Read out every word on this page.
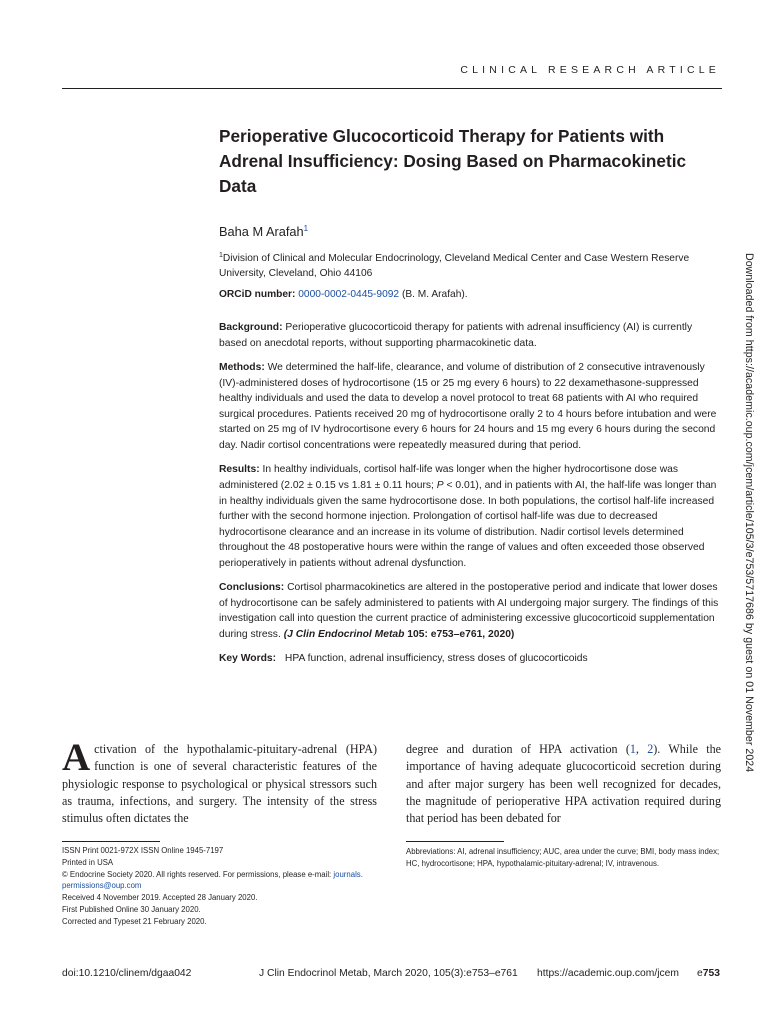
CLINICAL RESEARCH ARTICLE
Perioperative Glucocorticoid Therapy for Patients with Adrenal Insufficiency: Dosing Based on Pharmacokinetic Data
Baha M Arafah$^1$
$^1$Division of Clinical and Molecular Endocrinology, Cleveland Medical Center and Case Western Reserve University, Cleveland, Ohio 44106
ORCiD number: 0000-0002-0445-9092 (B. M. Arafah).

Background: Perioperative glucocorticoid therapy for patients with adrenal insufficiency (AI) is currently based on anecdotal reports, without supporting pharmacokinetic data.

Methods: We determined the half-life, clearance, and volume of distribution of 2 consecutive intravenously (IV)-administered doses of hydrocortisone (15 or 25 mg every 6 hours) to 22 dexamethasone-suppressed healthy individuals and used the data to develop a novel protocol to treat 68 patients with AI who required surgical procedures. Patients received 20 mg of hydrocortisone orally 2 to 4 hours before intubation and were started on 25 mg of IV hydrocortisone every 6 hours for 24 hours and 15 mg every 6 hours during the second day. Nadir cortisol concentrations were repeatedly measured during that period.

Results: In healthy individuals, cortisol half-life was longer when the higher hydrocortisone dose was administered (2.02 ± 0.15 vs 1.81 ± 0.11 hours; P < 0.01), and in patients with AI, the half-life was longer than in healthy individuals given the same hydrocortisone dose. In both populations, the cortisol half-life increased further with the second hormone injection. Prolongation of cortisol half-life was due to decreased hydrocortisone clearance and an increase in its volume of distribution. Nadir cortisol levels determined throughout the 48 postoperative hours were within the range of values and often exceeded those observed perioperatively in patients without adrenal dysfunction.

Conclusions: Cortisol pharmacokinetics are altered in the postoperative period and indicate that lower doses of hydrocortisone can be safely administered to patients with AI undergoing major surgery. The findings of this investigation call into question the current practice of administering excessive glucocorticoid supplementation during stress. (J Clin Endocrinol Metab 105: e753–e761, 2020)

Key Words: HPA function, adrenal insufficiency, stress doses of glucocorticoids	Downloaded from https://academic.oup.com/jcem/article/105/3/e753/5717686 by guest on 01 November 2024
Activation of the hypothalamic-pituitary-adrenal (HPA) function is one of several characteristic features of the physiologic response to psychological or physical stressors such as trauma, infections, and surgery. The intensity of the stress stimulus often dictates the
degree and duration of HPA activation (1, 2). While the importance of having adequate glucocorticoid secretion during and after major surgery has been well recognized for decades, the magnitude of perioperative HPA activation required during that period has been debated for
ISSN Print 0021-972X ISSN Online 1945-7197
Printed in USA
© Endocrine Society 2020. All rights reserved. For permissions, please e-mail: journals.
permissions@oup.com
Received 4 November 2019. Accepted 28 January 2020.
First Published Online 30 January 2020.
Corrected and Typeset 21 February 2020.
Abbreviations: AI, adrenal insufficiency; AUC, area under the curve; BMI, body mass index; HC, hydrocortisone; HPA, hypothalamic-pituitary-adrenal; IV, intravenous.
doi:10.1210/clinem/dgaa042	J Clin Endocrinol Metab, March 2020, 105(3):e753–e761 https://academic.oup.com/jcem e753
